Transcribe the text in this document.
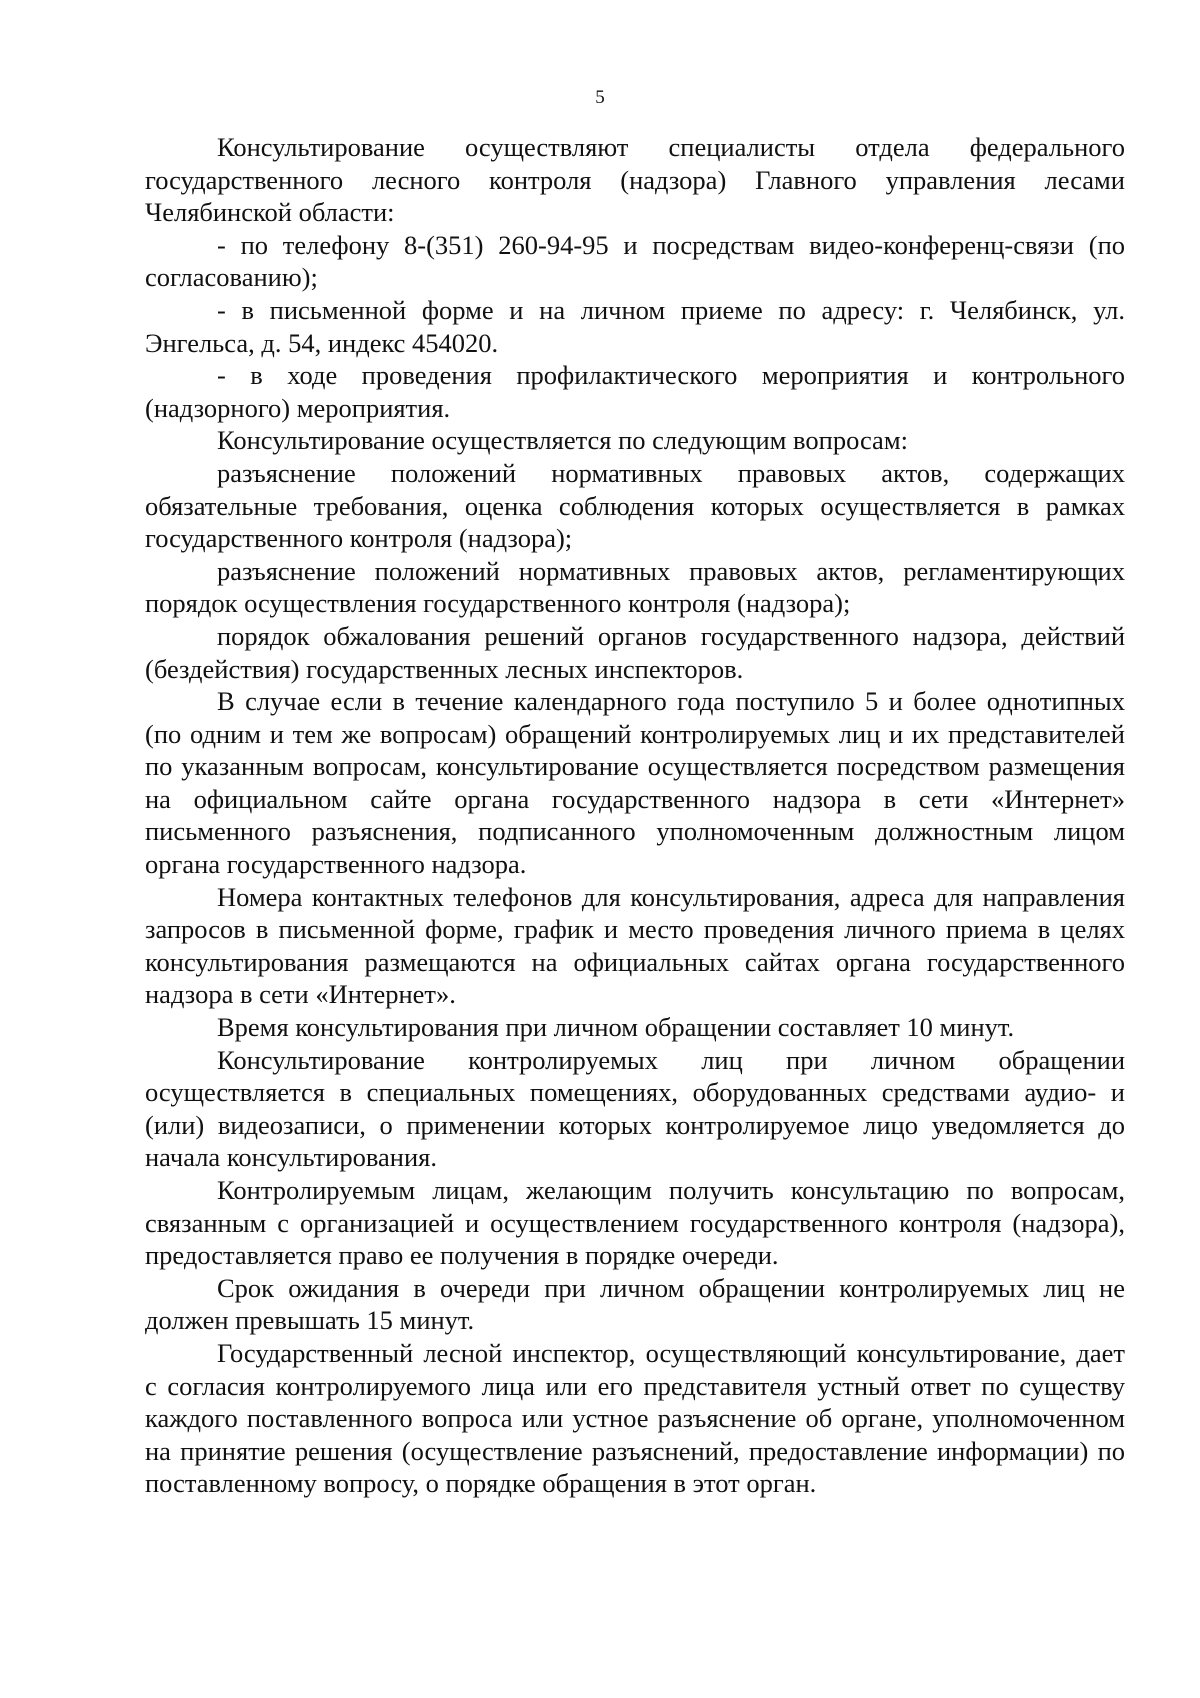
5

Консультирование осуществляют специалисты отдела федерального государственного лесного контроля (надзора) Главного управления лесами Челябинской области:

- по телефону 8-(351) 260-94-95 и посредствам видео-конференц-связи (по согласованию);

- в письменной форме и на личном приеме по адресу: г. Челябинск, ул. Энгельса, д. 54, индекс 454020.

- в ходе проведения профилактического мероприятия и контрольного (надзорного) мероприятия.

Консультирование осуществляется по следующим вопросам:

разъяснение положений нормативных правовых актов, содержащих обязательные требования, оценка соблюдения которых осуществляется в рамках государственного контроля (надзора);

разъяснение положений нормативных правовых актов, регламентирующих порядок осуществления государственного контроля (надзора);

порядок обжалования решений органов государственного надзора, действий (бездействия) государственных лесных инспекторов.

В случае если в течение календарного года поступило 5 и более однотипных (по одним и тем же вопросам) обращений контролируемых лиц и их представителей по указанным вопросам, консультирование осуществляется посредством размещения на официальном сайте органа государственного надзора в сети «Интернет» письменного разъяснения, подписанного уполномоченным должностным лицом органа государственного надзора.

Номера контактных телефонов для консультирования, адреса для направления запросов в письменной форме, график и место проведения личного приема в целях консультирования размещаются на официальных сайтах органа государственного надзора в сети «Интернет».

Время консультирования при личном обращении составляет 10 минут.

Консультирование контролируемых лиц при личном обращении осуществляется в специальных помещениях, оборудованных средствами аудио- и (или) видеозаписи, о применении которых контролируемое лицо уведомляется до начала консультирования.

Контролируемым лицам, желающим получить консультацию по вопросам, связанным с организацией и осуществлением государственного контроля (надзора), предоставляется право ее получения в порядке очереди.

Срок ожидания в очереди при личном обращении контролируемых лиц не должен превышать 15 минут.

Государственный лесной инспектор, осуществляющий консультирование, дает с согласия контролируемого лица или его представителя устный ответ по существу каждого поставленного вопроса или устное разъяснение об органе, уполномоченном на принятие решения (осуществление разъяснений, предоставление информации) по поставленному вопросу, о порядке обращения в этот орган.
